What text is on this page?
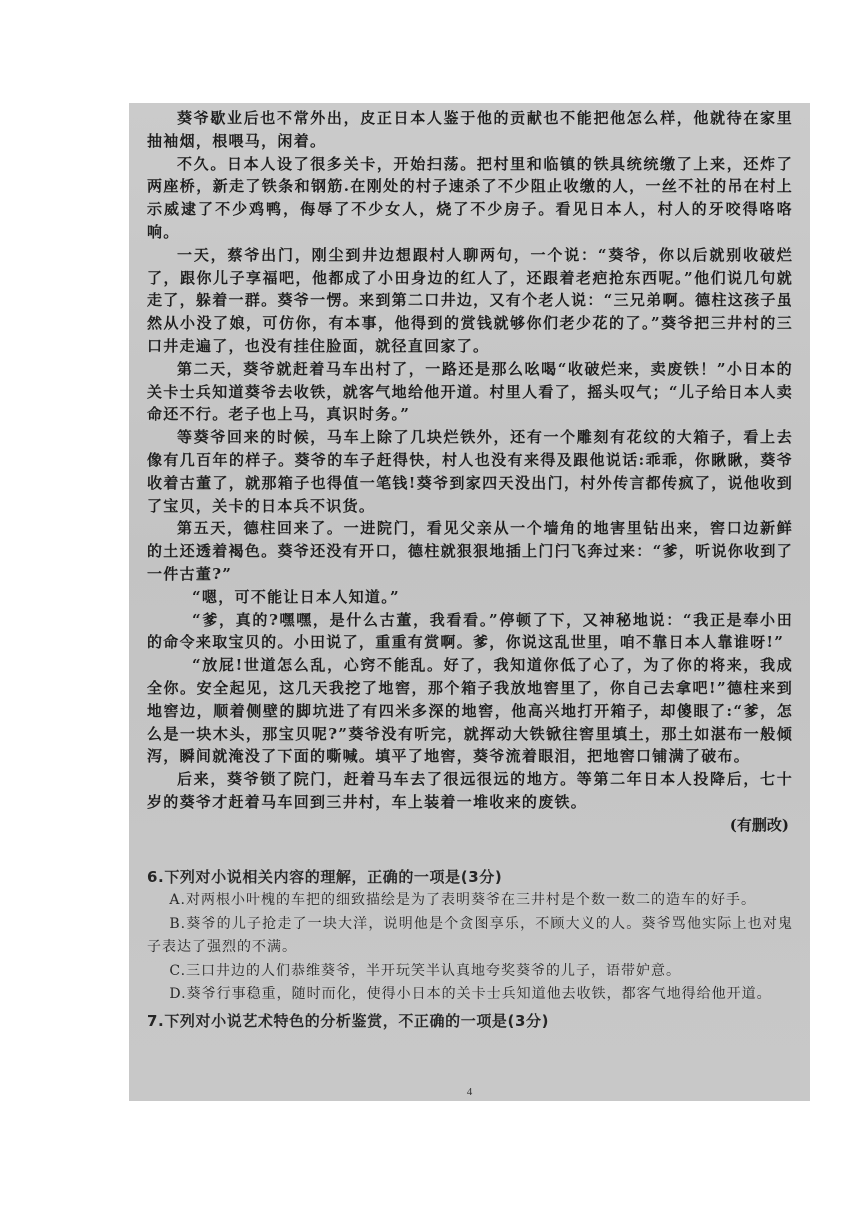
葵爷歇业后也不常外出，皮正日本人鉴于他的贡献也不能把他怎么样，他就待在家里抽袖烟，根喂马，闲着。

不久。日本人设了很多关卡，开始扫荡。把村里和临镇的铁具统统缴了上来，还炸了两座桥，新走了铁条和钢筋.在刚处的村子速杀了不少阻止收缴的人，一丝不社的吊在村上示威逮了不少鸡鸭，侮辱了不少女人，烧了不少房子。看见日本人，村人的牙咬得咯咯响。

一天，蔡爷出门，刚尘到井边想跟村人聊两句，一个说：“葵爷，你以后就别收破烂了，跟你儿子享福吧，他都成了小田身边的红人了，还跟着老疤抢东西呢。”他们说几句就走了，躲着一群。葵爷一愣。来到第二口井边，又有个老人说：“三兄弟啊。德柱这孩子虽然从小没了娘，可仿你，有本事，他得到的赏钱就够你们老少花的了。”葵爷把三井村的三口井走遍了，也没有挂住脸面，就径直回家了。

第二天，葵爷就赶着马车出村了，一路还是那么吆喝“收破烂来，卖废铁！”小日本的关卡士兵知道葵爷去收铁，就客气地给他开道。村里人看了，摇头叹气；“儿子给日本人卖命还不行。老子也上马，真识时务。”

等葵爷回来的时候，马车上除了几块烂铁外，还有一个雕刻有花纹的大箱子，看上去像有几百年的样子。葵爷的车子赶得快，村人也没有来得及跟他说话:乖乖，你瞅瞅，葵爷收着古董了，就那箱子也得值一笔钱!葵爷到家四天没出门，村外传言都传疯了，说他收到了宝贝，关卡的日本兵不识货。

第五天，德柱回来了。一进院门，看见父亲从一个墙角的地害里钻出来，窖口边新鲜的土还透着褐色。葵爷还没有开口，德柱就狠狠地插上门闩飞奔过来：“爹，听说你收到了一件古董?”

“嗯，可不能让日本人知道。”

“爹，真的?嘿嘿，是什么古董，我看看。”停顿了下，又神秘地说：“我正是奉小田的命令来取宝贝的。小田说了，重重有赏啊。爹，你说这乱世里，咱不靠日本人靠谁呀!”

“放屁!世道怎么乱，心窍不能乱。好了，我知道你低了心了，为了你的将来，我成全你。安全起见，这几天我挖了地窖，那个箱子我放地窖里了，你自己去拿吧!”德柱来到地窖边，顺着侧壁的脚坑进了有四米多深的地窖，他高兴地打开箱子，却傻眼了:“爹，怎么是一块木头，那宝贝呢?”葵爷没有听完，就挥动大铁锨往窖里填土，那土如湛布一般倾泻，瞬间就淹没了下面的嘶喊。填平了地窖，葵爷流着眼泪，把地窖口铺满了破布。

后来，葵爷锁了院门，赶着马车去了很远很远的地方。等第二年日本人投降后，七十岁的葵爷才赶着马车回到三井村，车上装着一堆收来的废铁。

(有删改)

6.下列对小说相关内容的理解，正确的一项是(3分)

A.对两根小叶槐的车把的细致描绘是为了表明葵爷在三井村是个数一数二的造车的好手。

B.葵爷的儿子抢走了一块大洋，说明他是个贪图享乐，不顾大义的人。葵爷骂他实际上也对鬼子表达了强烈的不满。

C.三口井边的人们恭维葵爷，半开玩笑半认真地夸奖葵爷的儿子，语带妒意。

D.葵爷行事稳重，随时而化，使得小日本的关卡士兵知道他去收铁，都客气地得给他开道。

7.下列对小说艺术特色的分析鉴赏，不正确的一项是(3分)

4
